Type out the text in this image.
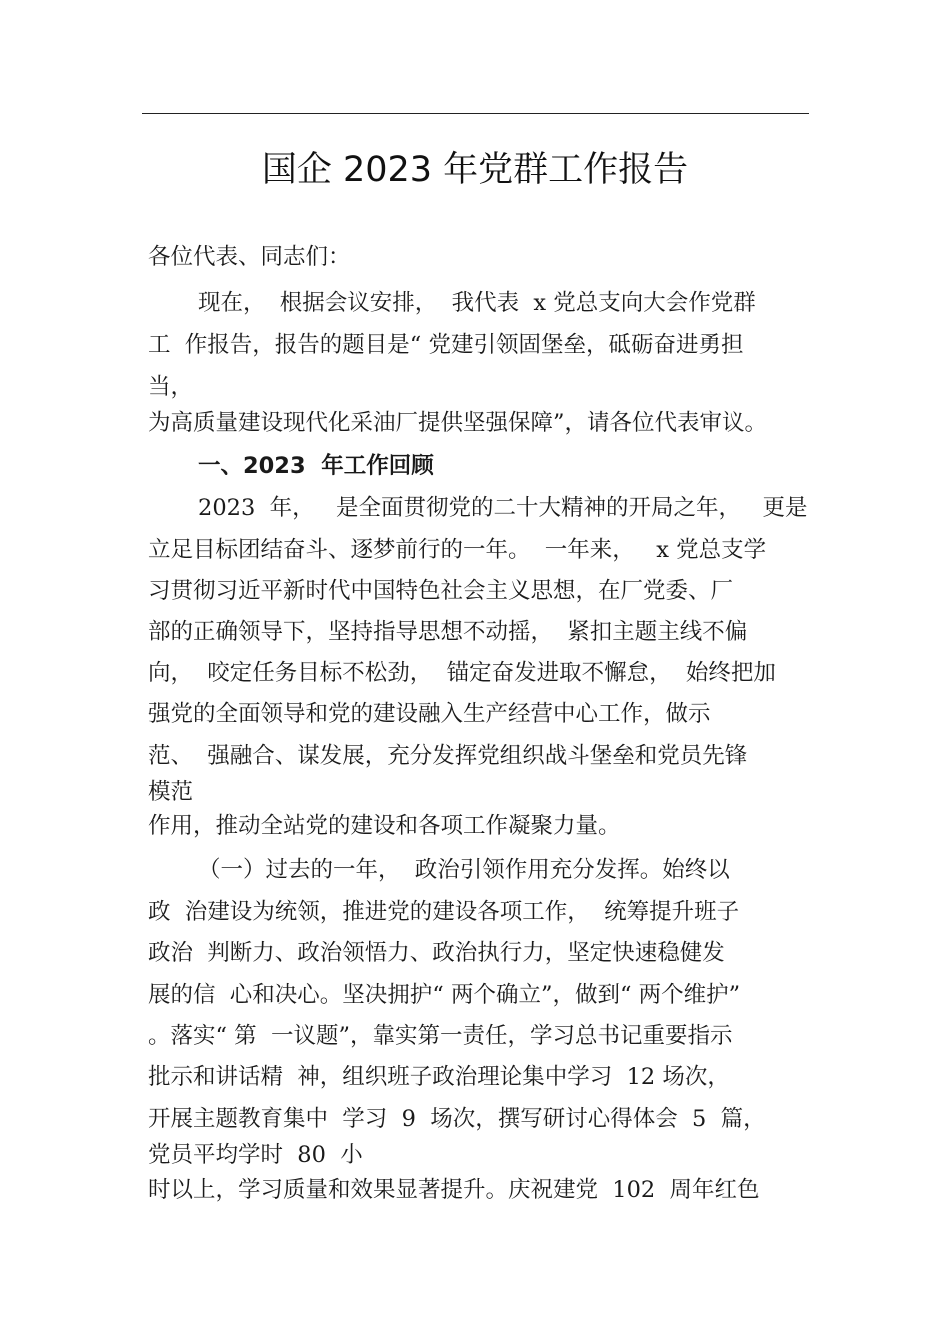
国企 2023 年党群工作报告
各位代表、同志们：
现在，  根据会议安排，  我代表  x 党总支向大会作党群
工  作报告，报告的题目是“ 党建引领固堡垒，砥砺奋进勇担
当，
为高质量建设现代化采油厂提供坚强保障”，请各位代表审议。
一、2023  年工作回顾
2023  年，   是全面贯彻党的二十大精神的开局之年，   更是
立足目标团结奋斗、逐梦前行的一年。  一年来，   x 党总支学
习贯彻习近平新时代中国特色社会主义思想，在厂党委、厂
部的正确领导下，坚持指导思想不动摇，  紧扣主题主线不偏
向，  咬定任务目标不松劲，  锚定奋发进取不懈怠，  始终把加
强党的全面领导和党的建设融入生产经营中心工作，做示
范、  强融合、谋发展，充分发挥党组织战斗堡垒和党员先锋
模范
作用，推动全站党的建设和各项工作凝聚力量。
（一）过去的一年，  政治引领作用充分发挥。始终以
政  治建设为统领，推进党的建设各项工作，  统筹提升班子
政治  判断力、政治领悟力、政治执行力，坚定快速稳健发
展的信  心和决心。坚决拥护“ 两个确立”，做到“ 两个维护”
。落实“ 第  一议题”，靠实第一责任，学习总书记重要指示
批示和讲话精  神，组织班子政治理论集中学习  12 场次，
开展主题教育集中  学习  9  场次，撰写研讨心得体会  5  篇，
党员平均学时  80  小
时以上，学习质量和效果显著提升。庆祝建党  102  周年红色
